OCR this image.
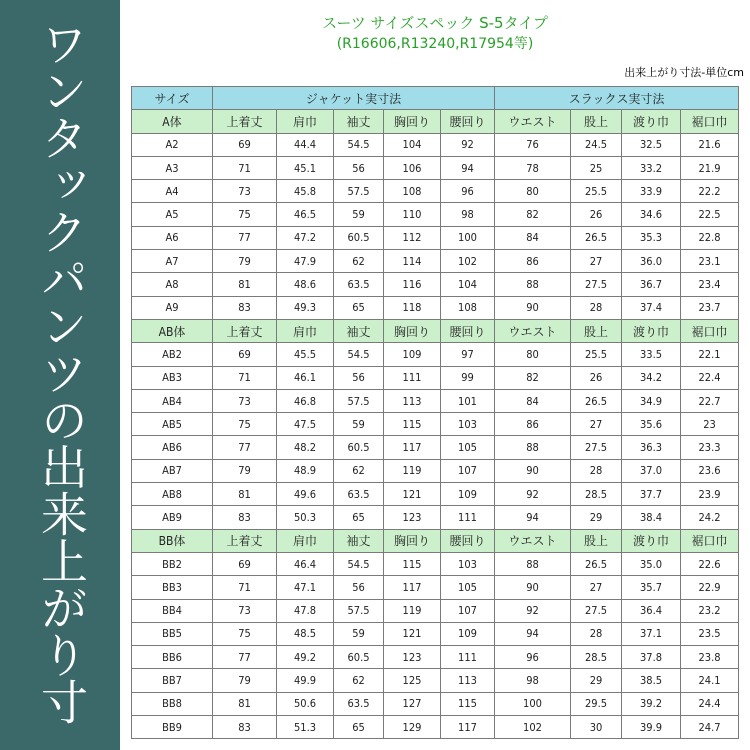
ワンタックパンツの出来上がり寸
スーツ サイズスペック S-5タイプ
(R16606,R13240,R17954等)
出来上がり寸法-単位cm
サイズ	ジャケット実寸法					スラックス実寸法			
A体	上着丈	肩巾	袖丈	胸回り	腰回り	ウエスト	股上	渡り巾	裾口巾
A2	69	44.4	54.5	104	92	76	24.5	32.5	21.6
A3	71	45.1	56	106	94	78	25	33.2	21.9
A4	73	45.8	57.5	108	96	80	25.5	33.9	22.2
A5	75	46.5	59	110	98	82	26	34.6	22.5
A6	77	47.2	60.5	112	100	84	26.5	35.3	22.8
A7	79	47.9	62	114	102	86	27	36.0	23.1
A8	81	48.6	63.5	116	104	88	27.5	36.7	23.4
A9	83	49.3	65	118	108	90	28	37.4	23.7
AB体	上着丈	肩巾	袖丈	胸回り	腰回り	ウエスト	股上	渡り巾	裾口巾
AB2	69	45.5	54.5	109	97	80	25.5	33.5	22.1
AB3	71	46.1	56	111	99	82	26	34.2	22.4
AB4	73	46.8	57.5	113	101	84	26.5	34.9	22.7
AB5	75	47.5	59	115	103	86	27	35.6	23
AB6	77	48.2	60.5	117	105	88	27.5	36.3	23.3
AB7	79	48.9	62	119	107	90	28	37.0	23.6
AB8	81	49.6	63.5	121	109	92	28.5	37.7	23.9
AB9	83	50.3	65	123	111	94	29	38.4	24.2
BB体	上着丈	肩巾	袖丈	胸回り	腰回り	ウエスト	股上	渡り巾	裾口巾
BB2	69	46.4	54.5	115	103	88	26.5	35.0	22.6
BB3	71	47.1	56	117	105	90	27	35.7	22.9
BB4	73	47.8	57.5	119	107	92	27.5	36.4	23.2
BB5	75	48.5	59	121	109	94	28	37.1	23.5
BB6	77	49.2	60.5	123	111	96	28.5	37.8	23.8
BB7	79	49.9	62	125	113	98	29	38.5	24.1
BB8	81	50.6	63.5	127	115	100	29.5	39.2	24.4
BB9	83	51.3	65	129	117	102	30	39.9	24.7
